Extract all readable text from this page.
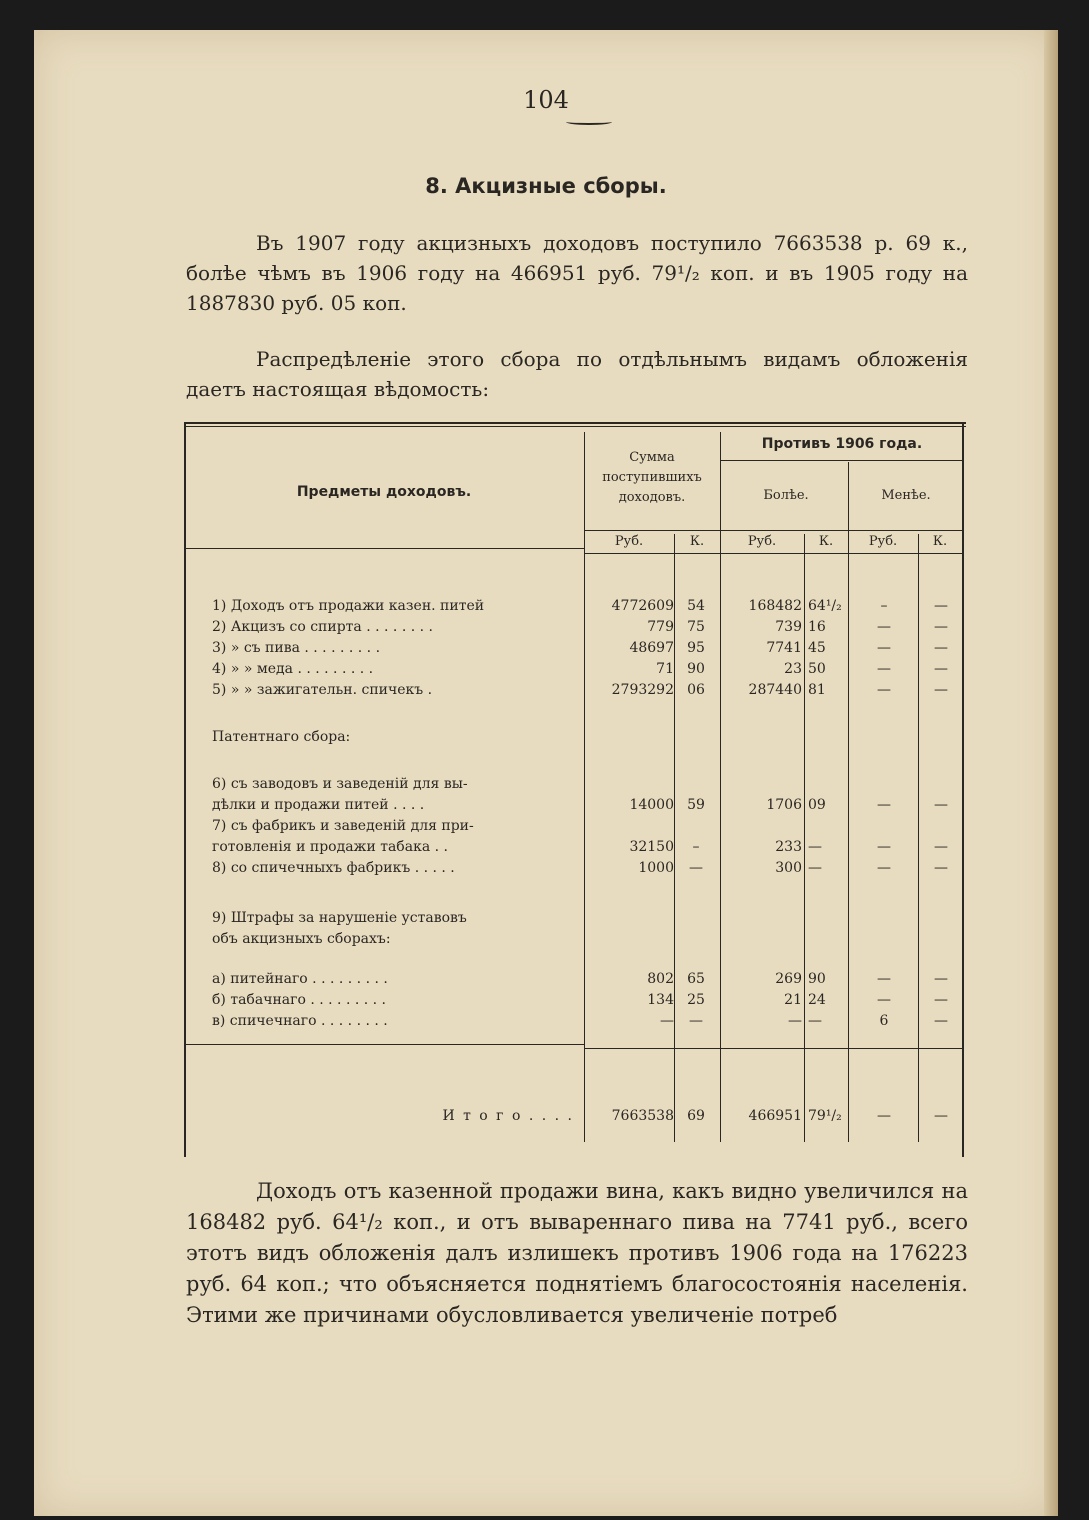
104
8. Акцизные сборы.
Въ 1907 году акцизныхъ доходовъ поступило 7663538 р. 69 к., болѣе чѣмъ въ 1906 году на 466951 руб. 79¹/₂ коп. и въ 1905 году на 1887830 руб. 05 коп.
Распредѣленіе этого сбора по отдѣльнымъ видамъ обложенія даетъ настоящая вѣдомость:
Предметы доходовъ.
Сумма поступившихъ доходовъ.
Противъ 1906 года.
Болѣе.	Менѣе.
Руб.	К.	Руб.	К.	Руб.	К.
1) Доходъ отъ продажи казен. питей	4772609 54	168482 64¹/₂	–	—
2) Акцизъ со спирта . . . . . . . .	779 75	739 16	—	—
3) » съ пива . . . . . . . . .	48697 95	7741 45	—	—
4) » » меда . . . . . . . . .	71 90	23 50	—	—
5) » » зажигательн. спичекъ .	2793292 06	287440 81	—	—
Патентнаго сбора:
6) съ заводовъ и заведеній для вы-
дѣлки и продажи питей . . . .	14000 59	1706 09	—	—
7) съ фабрикъ и заведеній для при-
готовленія и продажи табака . .	32150	–	233 —	—	—
8) со спичечныхъ фабрикъ . . . . .	1000	—	300 —	—	—
9) Штрафы за нарушеніе уставовъ
объ акцизныхъ сборахъ:
а) питейнаго . . . . . . . . .	802 65	269 90	—	—
б) табачнаго . . . . . . . . .	134 25	21 24	—	—
в) спичечнаго . . . . . . . .	—	—	— —	6	—
И т о г о . . . .	7663538 69	466951 79¹/₂	—	—
Доходъ отъ казенной продажи вина, какъ видно увеличился на 168482 руб. 64¹/₂ коп., и отъ вывареннаго пива на 7741 руб., всего этотъ видъ обложенія далъ излишекъ противъ 1906 года на 176223 руб. 64 коп.; что объясняется поднятіемъ благосостоянія населенія. Этими же причинами обусловливается увеличеніе потреб
